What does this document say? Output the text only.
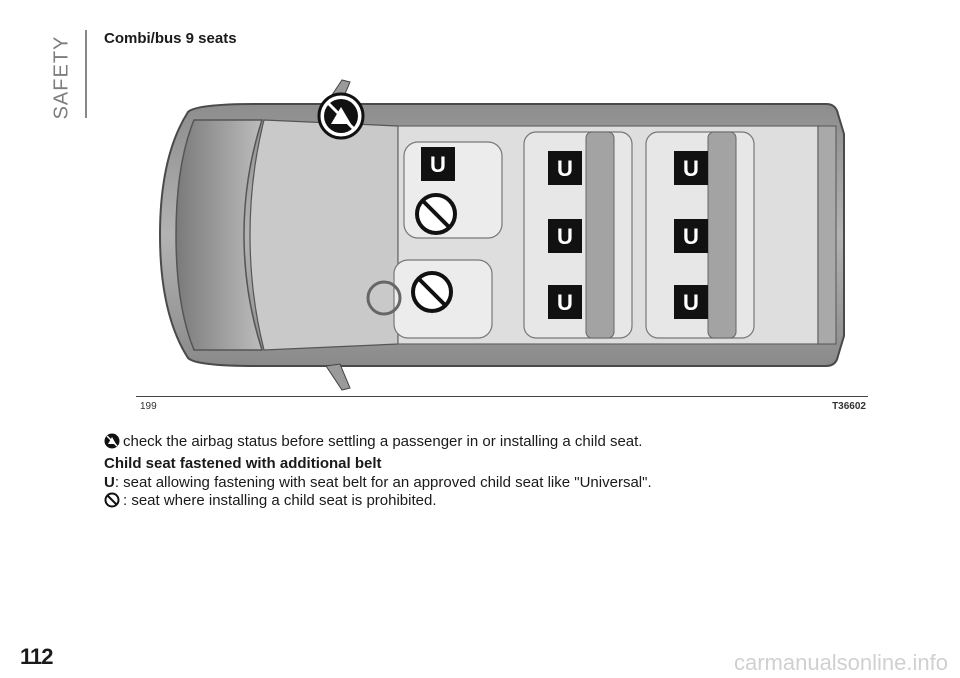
SAFETY Combi/bus 9 seats
U	U	U
U	U
U	U
199	T36602
check the airbag status before settling a passenger in or installing a child seat.
Child seat fastened with additional belt
U: seat allowing fastening with seat belt for an approved child seat like "Universal".
: seat where installing a child seat is prohibited.
112	carmanualsonline.info
